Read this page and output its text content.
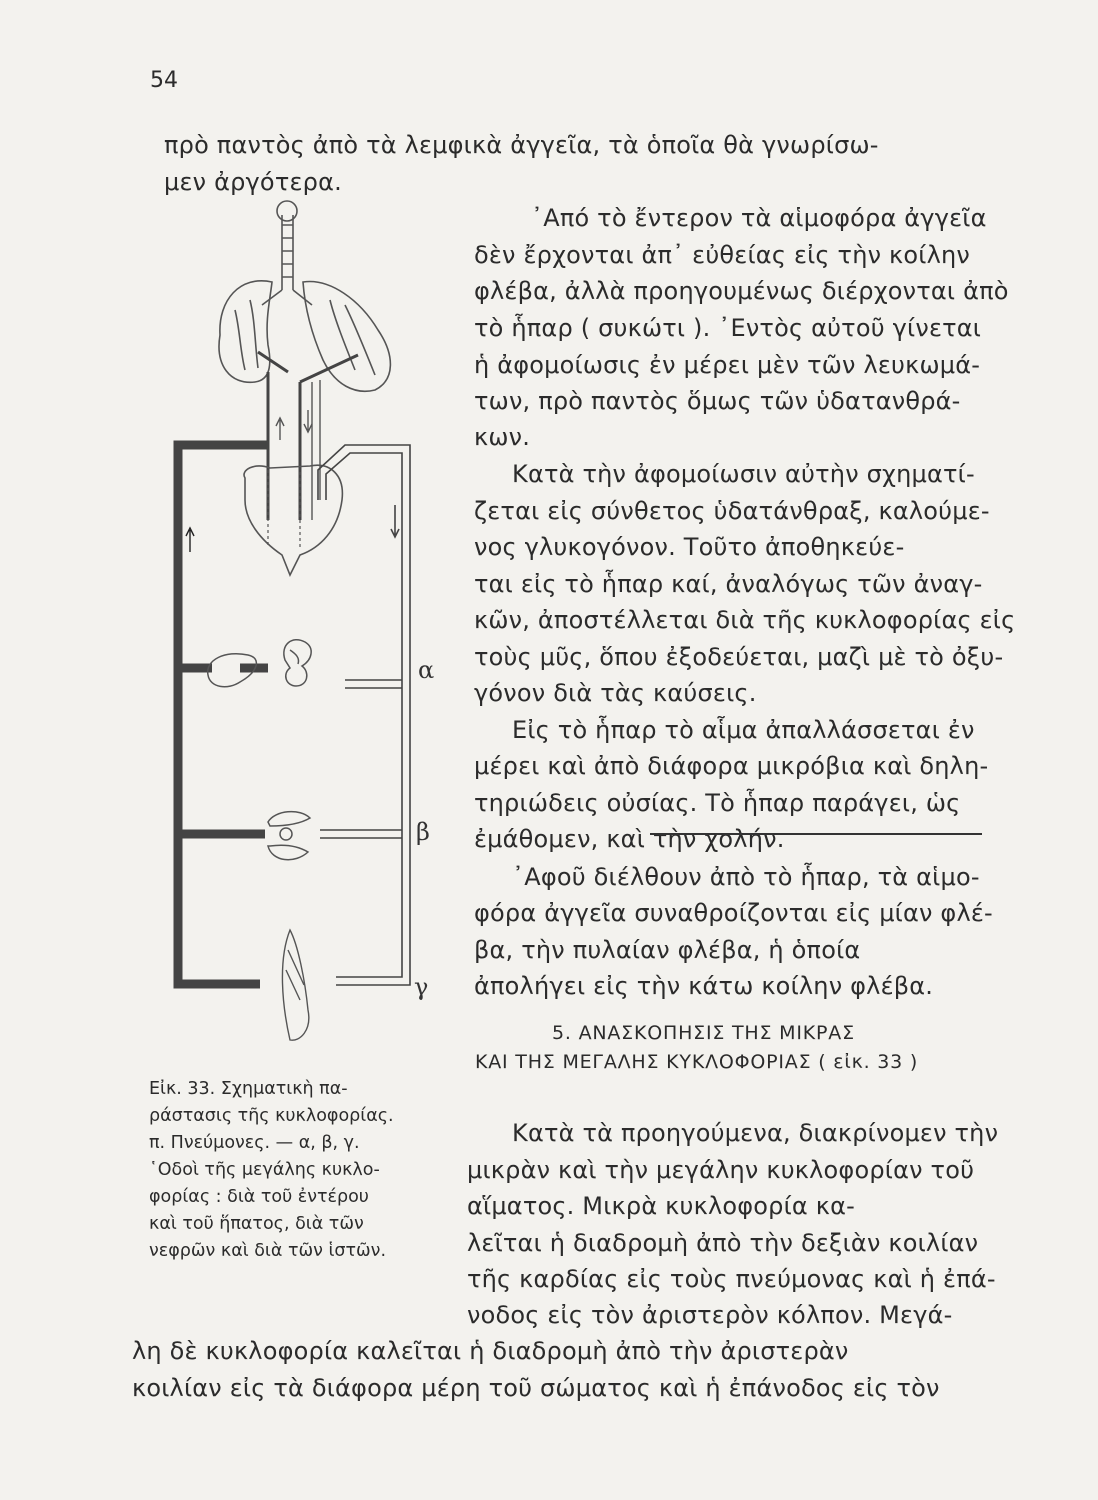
54
πρὸ παντὸς ἀπὸ τὰ λεμφικὰ ἀγγεῖα, τὰ ὁποῖα θὰ γνωρίσω-
μεν ἀργότερα.
᾽Από τὸ ἔντερον τὰ αἱμοφόρα ἀγγεῖα
δὲν ἔρχονται ἀπ᾽ εὐθείας εἰς τὴν κοίλην
φλέβα, ἀλλὰ προηγουμένως διέρχονται ἀπὸ
τὸ ἧπαρ ( συκώτι ). ᾽Εντὸς αὐτοῦ γίνεται
ἡ ἀφομοίωσις ἐν μέρει μὲν τῶν λευκωμά-
των, πρὸ παντὸς ὅμως τῶν ὑδατανθρά-
κων.
Κατὰ τὴν ἀφομοίωσιν αὐτὴν σχηματί-
ζεται εἰς σύνθετος ὑδατάνθραξ, καλούμε-
νος γλυκογόνον. Τοῦτο ἀποθηκεύε-
ται εἰς τὸ ἧπαρ καί, ἀναλόγως τῶν ἀναγ-
κῶν, ἀποστέλλεται διὰ τῆς κυκλοφορίας εἰς
τοὺς μῦς, ὅπου ἐξοδεύεται, μαζὶ μὲ τὸ ὀξυ-
γόνον διὰ τὰς καύσεις.
Εἰς τὸ ἧπαρ τὸ αἷμα ἀπαλλάσσεται ἐν
μέρει καὶ ἀπὸ διάφορα μικρόβια καὶ δηλη-
τηριώδεις οὐσίας. Τὸ ἧπαρ παράγει, ὡς
ἐμάθομεν, καὶ τὴν χολήν.
᾽Αφοῦ διέλθουν ἀπὸ τὸ ἧπαρ, τὰ αἱμο-
φόρα ἀγγεῖα συναθροίζονται εἰς μίαν φλέ-
βα, τὴν πυλαίαν φλέβα, ἡ ὁποία
ἀπολήγει εἰς τὴν κάτω κοίλην φλέβα.
5. ΑΝΑΣΚΟΠΗΣΙΣ ΤΗΣ ΜΙΚΡΑΣ
ΚΑΙ ΤΗΣ ΜΕΓΑΛΗΣ ΚΥΚΛΟΦΟΡΙΑΣ ( εἰκ. 33 )
Κατὰ τὰ προηγούμενα, διακρίνομεν τὴν
μικρὰν καὶ τὴν μεγάλην κυκλοφορίαν τοῦ
αἵματος. Μικρὰ κυκλοφορία κα-
λεῖται ἡ διαδρομὴ ἀπὸ τὴν δεξιὰν κοιλίαν
τῆς καρδίας εἰς τοὺς πνεύμονας καὶ ἡ ἐπά-
νοδος εἰς τὸν ἀριστερὸν κόλπον. Μεγά-
λη δὲ κυκλοφορία καλεῖται ἡ διαδρομὴ ἀπὸ τὴν ἀριστερὰν
κοιλίαν εἰς τὰ διάφορα μέρη τοῦ σώματος καὶ ἡ ἐπάνοδος εἰς τὸν
Εἰκ. 33. Σχηματικὴ πα-
ράστασις τῆς κυκλοφορίας.
π. Πνεύμονες. — α, β, γ.
῾Οδοὶ τῆς μεγάλης κυκλο-
φορίας : διὰ τοῦ ἐντέρου
καὶ τοῦ ἥπατος, διὰ τῶν
νεφρῶν καὶ διὰ τῶν ἱστῶν.
α
β
γ
